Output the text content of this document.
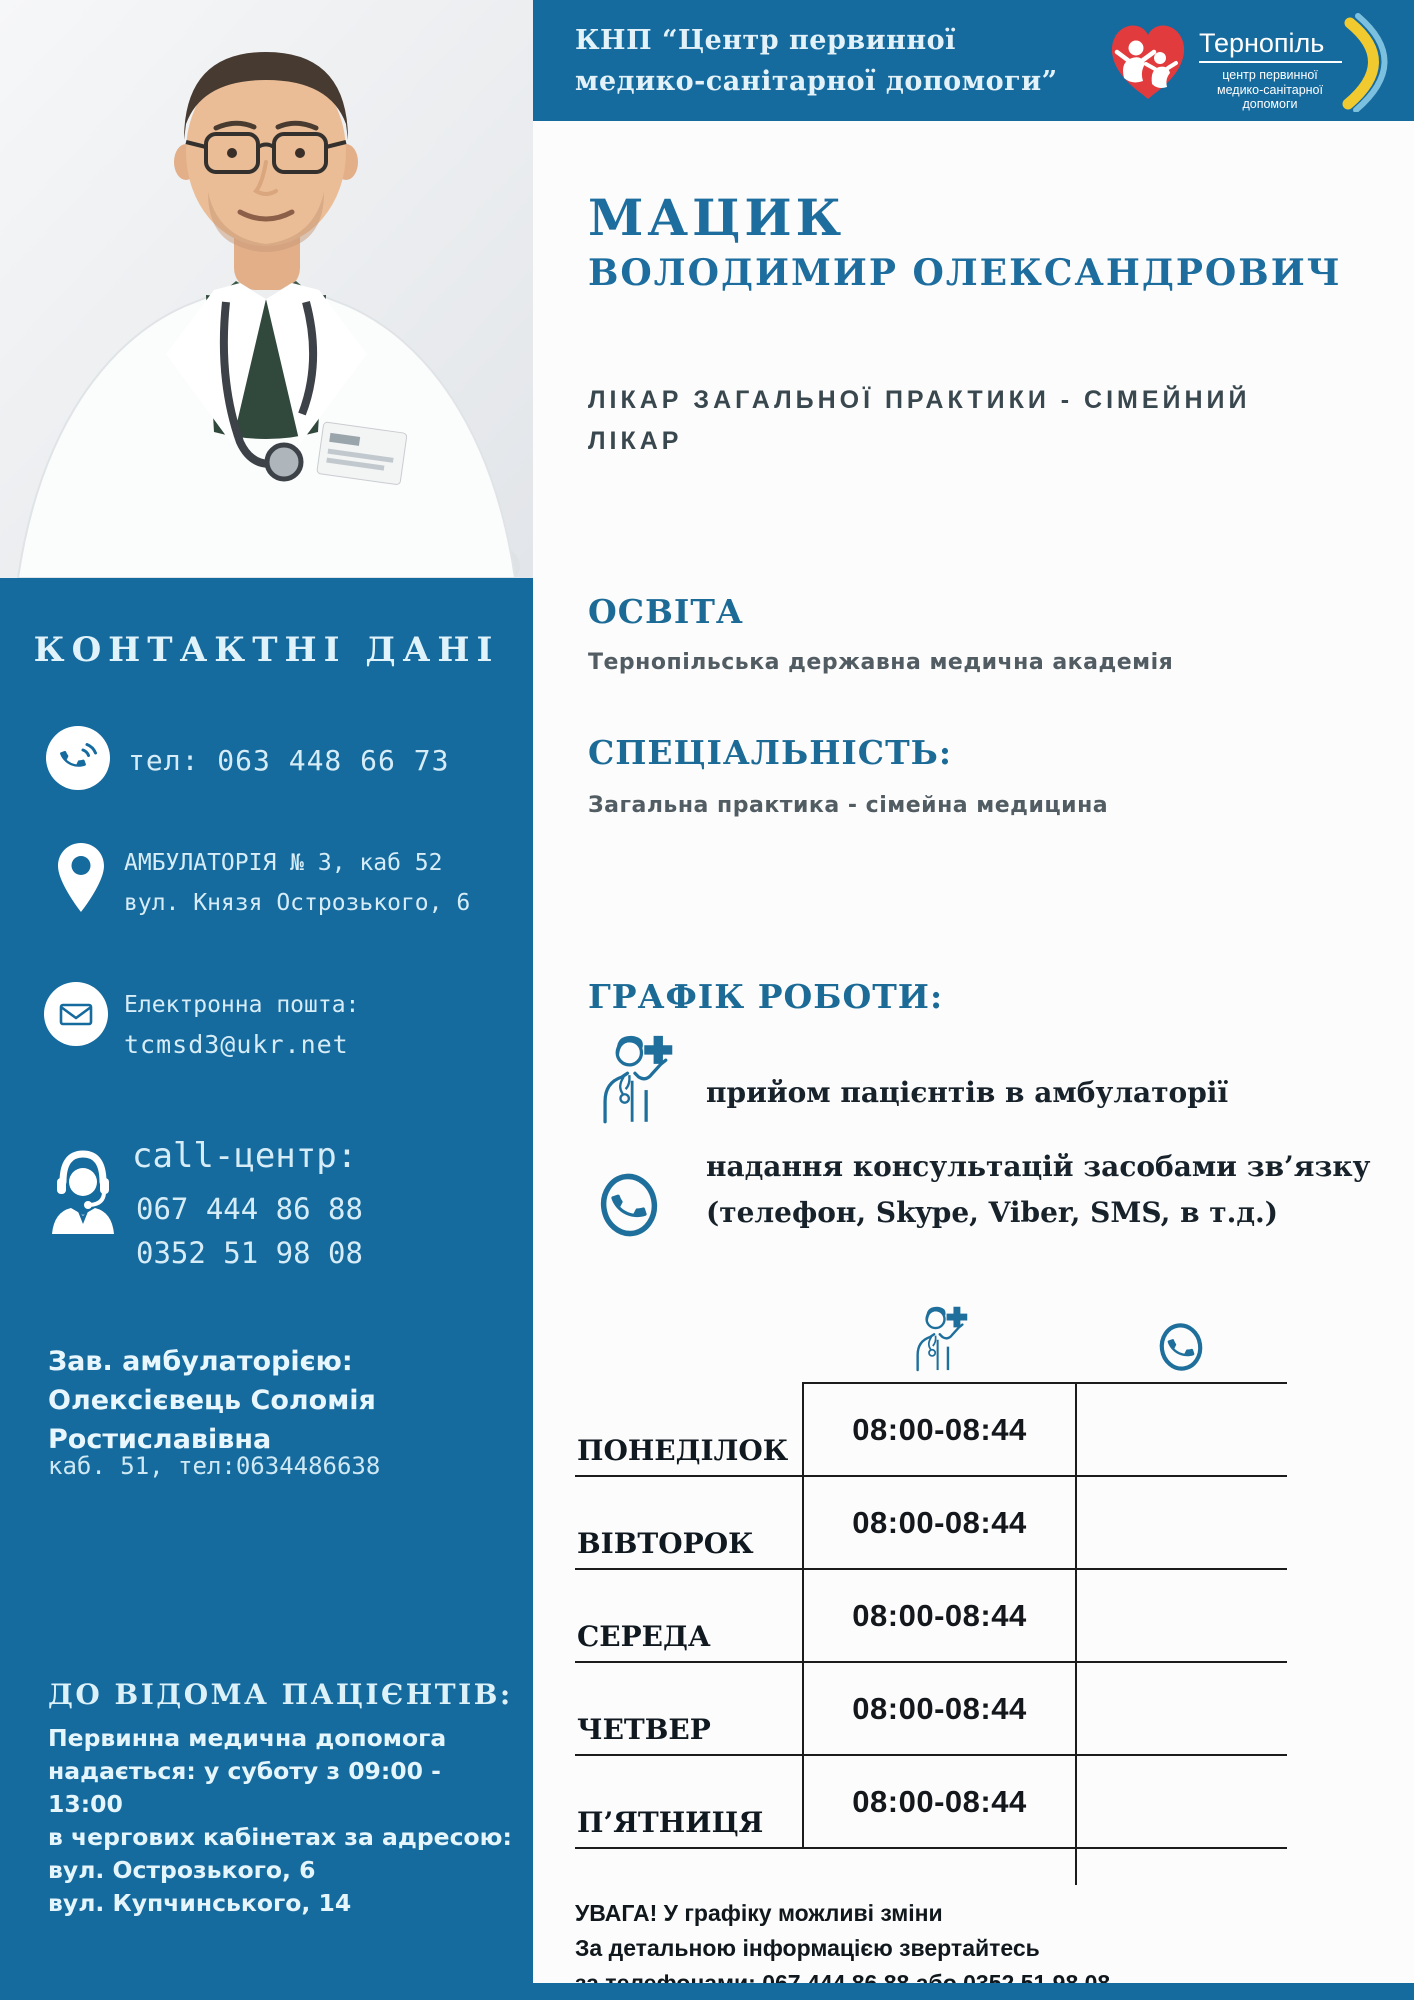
КОНТАКТНІ ДАНІ
тел: 063 448 66 73
АМБУЛАТОРІЯ № 3, каб 52
вул. Князя Острозького, 6
Електронна пошта:
tcmsd3@ukr.net
call-центр:
067 444 86 88
0352 51 98 08
Зав. амбулаторією:
Олексієвець Соломія
Ростиславівна
каб. 51, тел:0634486638
ДО ВІДОМА ПАЦІЄНТІВ:
Первинна медична допомога
надається: у суботу з 09:00 -
13:00
в чергових кабінетах за адресою:
вул. Острозького, 6
вул. Купчинського, 14
КНП “Центр первинної
медико-санітарної допомоги”
Тернопіль
центр первинної
медико-санітарної
допомоги
МАЦИК
ВОЛОДИМИР ОЛЕКСАНДРОВИЧ
ЛІКАР ЗАГАЛЬНОЇ ПРАКТИКИ - СІМЕЙНИЙ
ЛІКАР
ОСВІТА
Тернопільська державна медична академія
СПЕЦІАЛЬНІСТЬ:
Загальна практика - сімейна медицина
ГРАФІК РОБОТИ:
прийом пацієнтів в амбулаторії
надання консультацій засобами зв’язку
(телефон, Skype, Viber, SMS, в т.д.)
ПОНЕДІЛОК
08:00-08:44
ВІВТОРОК
08:00-08:44
СЕРЕДА
08:00-08:44
ЧЕТВЕР
08:00-08:44
П’ЯТНИЦЯ
08:00-08:44
УВАГА! У графіку можливі зміни
За детальною інформацією звертайтесь
